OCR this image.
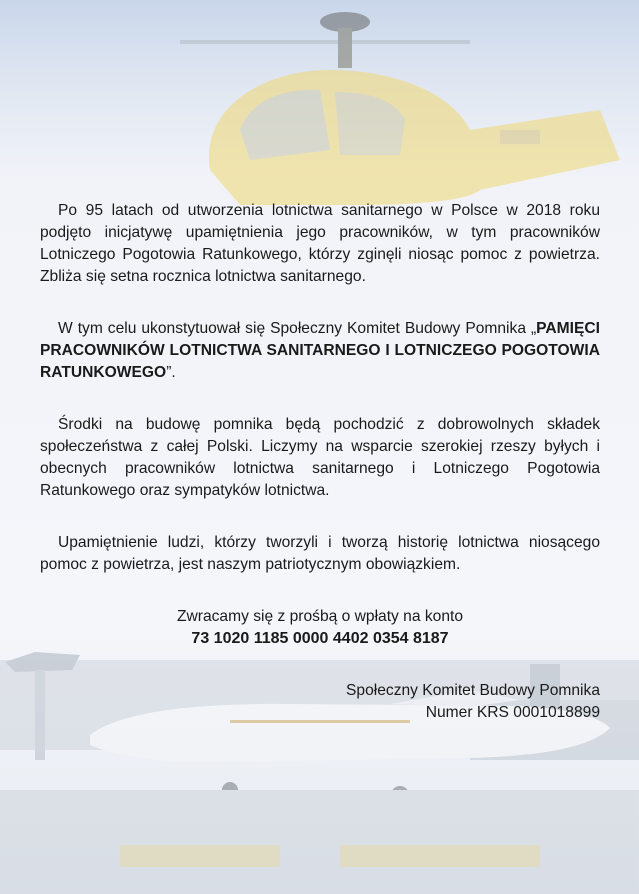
Po 95 latach od utworzenia lotnictwa sanitarnego w Polsce w 2018 roku podjęto inicjatywę upamiętnienia jego pracowników, w tym pracowników Lotniczego Pogotowia Ratunkowego, którzy zginęli niosąc pomoc z powietrza. Zbliża się setna rocznica lotnictwa sanitarnego.

W tym celu ukonstytuował się Społeczny Komitet Budowy Pomnika „PAMIĘCI PRACOWNIKÓW LOTNICTWA SANITARNEGO I LOTNICZEGO POGOTOWIA RATUNKOWEGO”.

Środki na budowę pomnika będą pochodzić z dobrowolnych składek społeczeństwa z całej Polski. Liczymy na wsparcie szerokiej rzeszy byłych i obecnych pracowników lotnictwa sanitarnego i Lotniczego Pogotowia Ratunkowego oraz sympatyków lotnictwa.

Upamiętnienie ludzi, którzy tworzyli i tworzą historię lotnictwa niosącego pomoc z powietrza, jest naszym patriotycznym obowiązkiem.

Zwracamy się z prośbą o wpłaty na konto
73 1020 1185 0000 4402 0354 8187
Społeczny Komitet Budowy Pomnika
Numer KRS 0001018899
